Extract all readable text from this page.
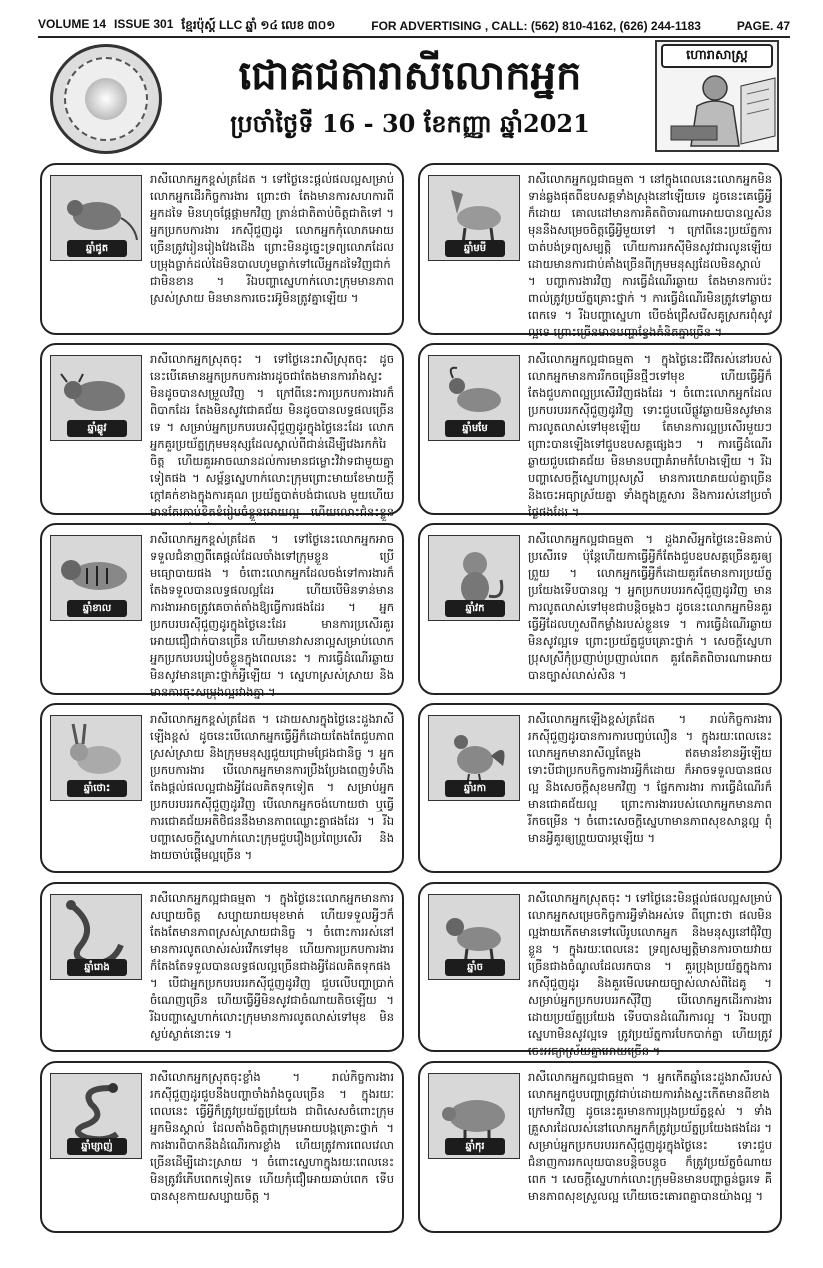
VOLUME 14 ISSUE 301 ខ្មែរប៉ុស្ត៍ LLC ឆ្នាំ ១៤ លេខ ៣០១	FOR ADVERTISING , CALL: (562) 810-4162, (626) 244-1183	PAGE. 47
ជោគជតារាសីលោកអ្នក
ប្រចាំថ្ងៃទី 16 - 30 ខែកញ្ញា ឆ្នាំ2021
ហោរាសាស្ត្រ
ឆ្នាំជូត
រាសីលោកអ្នកខ្ពស់ត្រដែត ។ ទៅថ្ងៃនេះផ្ដល់ផលល្អសម្រាប់លោកអ្នកដើរកិច្ចការងារ ព្រោះថា តែងមានការសហការពីអ្នកដទៃ មិនហុចផ្ដែផ្ដាមកវិញ ត្រាន់ជាតិតាប់ចិត្តជាតិទៅ ។ អ្នកប្រកបការងារ រកស៊ីជួញដូរ លោកអ្នកកុំលោភអោយច្រើនត្រូវរៀនរៀងវែងដើង ព្រោះមិនដូច្នេះទ្រព្យលោភដែលបម្រុងធ្លាក់ដល់ដៃមិនបាលហូមធ្លាក់ទៅលើអ្នកដទៃវិញជាក់ជាមិនខាន ។ រីឯបញ្ហាស្នេហាក់លោះក្រុមមានភាពស្រស់ស្រាយ មិនមានការចេះរអ៊ូមិនត្រូវគ្នាឡើយ ។
ឆ្នាំឆ្លូវ
រាសីលោកអ្នកស្រុតចុះ ។ ទៅថ្ងៃនេះរាសីស្រុតចុះ ដូចនេះបើគេមានអ្នកប្រកបការងារដូចជាតែងមានការរាំងស្ទះ មិនដូចបានសម្រួលវិញ ។ ក្រៅពីនេះការប្រកបការងារក៏ពិបាកដែរ តែងមិនសូវជោគជ័យ មិនដូចបានលទ្ធផលច្រើនទេ ។ សម្រាប់អ្នកប្រកបរបរស៊ីជួញដូរក្នុងថ្ងៃនេះដែរ លោកអ្នកគួរប្រយ័ត្នក្រុមមនុស្សដែលស្គាល់ពីជាន់ដើម្បីវេងរកកំរៃចិត្ត ហើយគួរអាចឈានដល់ការមានជម្លោះវិវាទជាមួយគ្នាទៀតផង ។ សម្ព័ន្ធស្នេហាក់លោះក្រុមព្រោះមាយខែមាយក្ដីក្ដៅគក់ខាងក្នុងការគុណ ប្រយ័ត្នបាត់បង់ជាលេង មួយហើយមានតែរកាប់ខិតខំរៀបចំខ្លួនអោយល្អ ហើយលោះជំនះខ្លួន
ឆ្នាំខាល
រាសីលោកអ្នកខ្ពស់ត្រដែត ។ ទៅថ្ងៃនេះលោកអ្នកអាចទទួលជំនាញពីគេផ្ដល់ដែលចាំងទៅក្រុមខ្លួន ប្រើមធ្យោបាយផង ។ ចំពោះលោកអ្នកដែលចង់ទៅការងារក៏តែងទទួលបានលទ្ធផលល្អដែរ ហើយបើមិនទាន់មានការងារអាចត្រូវគេចាត់តាំងឱ្យធ្វើការផងដែរ ។ អ្នកប្រកបរបរស៊ីជួញដូរក្នុងថ្ងៃនេះដែរ មានការប្រសើរគួរអោយជឿជាក់បានច្រើន ហើយមានវាសនាល្អសម្រាប់លោកអ្នកប្រកបរបររៀបចំខ្លួនក្នុងពេលនេះ ។ ការធ្វើដំណើរឆ្ងាយមិនសូវមានគ្រោះថ្នាក់អ្វីឡើយ ។ ស្នេហាស្រស់ស្រាយ និងមានការចុះសម្រុងល្អរវាងគ្នា ។
ឆ្នាំថោះ
រាសីលោកអ្នកខ្ពស់ត្រដែត ។ ដោយសារក្នុងថ្ងៃនេះដួងរាសីឡើងខ្ពស់ ដូចនេះបើលោកអ្នកធ្វើអ្វីក៏ដោយតែងតែជួបភាពស្រស់ស្រាយ និងក្រុមមនុស្សជួយជ្រោមជ្រែងជានិច្ច ។ អ្នកប្រកបការងារ បើលោកអ្នកមានការប្រឹងប្រែងពេញទំហឹងតែងផ្ដល់ផលល្អជាងអ្វីដែលគិតទុកទៀត ។ សម្រាប់អ្នកប្រកបរបររកស៊ីជួញដូរវិញ បើលោកអ្នកចង់ហោយថា ឬធ្វើការជោគជ័យអតិថិជននឹងមានភាពឈ្លោះគ្នាផងដែរ ។ រីឯបញ្ហាសេចក្ដីស្នេហាក់លោះក្រុមជួបរឿងប្រពៃប្រសើរ និងងាយចាប់ផ្ដើមល្អច្រើន ។
ឆ្នាំរោង
រាសីលោកអ្នកល្អជាធម្មតា ។ ក្នុងថ្ងៃនេះលោកអ្នកមានការសប្បាយចិត្ត សប្បាយរាយមុខមាត់ ហើយទទួលអ្វីៗក៏តែងតែមានភាពស្រស់ស្រាយជានិច្ច ។ ចំពោះការរស់នៅមានការលូតលាស់រស់រវើកទៅមុខ ហើយការប្រកបការងារក៏តែងតែទទួលបានលទ្ធផលល្អច្រើនជាងអ្វីដែលគិតទុកផង ។ បើជាអ្នកប្រកបរបររកស៊ីជួញដូរវិញ ជួបលើបញ្ហាប្រាក់ចំណេញច្រើន ហើយធ្វើអ្វីមិនសូវជាចំណាយតិចឡើយ ។ រីឯបញ្ហាស្នេហាក់លោះក្រុមមានការលូតលាស់ទៅមុខ មិនស្ងប់ស្ងាត់នោះទេ ។
ឆ្នាំម្សាញ់
រាសីលោកអ្នកស្រុតចុះខ្លាំង ។ រាល់កិច្ចការងាររកស៊ីជួញដូរជួបនឹងបញ្ហាចាំងរាំងចូលច្រើន ។ ក្នុងរយៈពេលនេះ ធ្វើអ្វីក៏ត្រូវប្រយ័ត្នប្រយែង ជាពិសេសចំពោះក្រុមអ្នកមិនស្គាល់ ដែលតាំងចិត្តជាក្រុមអោយបង្កគ្រោះថ្នាក់ ។ ការងារពិបាកនឹងដំណើរការខ្លាំង ហើយត្រូវការពេលវេលាច្រើនដើម្បីដោះស្រាយ ។ ចំពោះស្នេហាក្នុងរយៈពេលនេះមិនត្រូវរំភើបពេកទៀតទេ ហើយកុំជឿអោយឆាប់ពេក ទើបបានសុខកាយសប្បាយចិត្ត ។
ឆ្នាំមមី
រាសីលោកអ្នកល្អជាធម្មតា ។ នៅក្នុងពេលនេះលោកអ្នកមិនទាន់ឆ្លងផុតពីឧបសគ្គទាំងស្រុងនៅឡើយទេ ដូចនេះគេធ្វើអ្វីក៏ដោយ គោលដៅមានការគិតពិចារណាអោយបានល្អសិនមុននឹងសម្រេចចិត្តធ្វើអ្វីមួយទៅ ។ ក្រៅពីនេះប្រយ័ត្នការបាត់បង់ទ្រព្យសម្បត្តិ ហើយការរកស៊ីមិនសូវជារលូនឡើយ ដោយមានការជាប់គាំងច្រើនពីក្រុមមនុស្សដែលមិនស្គាល់ ។ បញ្ហាការងារវិញ ការធ្វើដំណើរឆ្ងាយ តែងមានការប៉ះពាល់ត្រូវប្រយ័ត្នគ្រោះថ្នាក់ ។ ការធ្វើដំណើរមិនត្រូវទៅឆ្ងាយពេកទេ ។ រីឯបញ្ហាស្នេហា បើចង់ជ្រើសរើសគូស្រករពុំសូវល្អទេ ព្រោះច្រើនមានបញ្ហាខ្វែងគំនិតគ្នាច្រើន ។
ឆ្នាំមមែ
រាសីលោកអ្នកល្អជាធម្មតា ។ ក្នុងថ្ងៃនេះជីវិតរស់នៅរបស់លោកអ្នកមានការរីកចម្រើនថ្មីៗទៅមុខ ហើយធ្វើអ្វីក៏តែងជួបភាពល្អប្រសើរវិញផងដែរ ។ ចំពោះលោកអ្នកដែលប្រកបរបររកស៊ីជួញដូរវិញ ទោះជួបលើផ្លូវឆ្ងាយមិនសូវមានការលូតលាស់ទៅមុខឡើយ តែមានការល្អប្រសើរមួយៗ ព្រោះបានឡើងទៅជួបឧបសគ្គផ្សេងៗ ។ ការធ្វើដំណើរឆ្ងាយជួបជោគជ័យ មិនមានបញ្ហាគំរាមកំហែងឡើយ ។ រីឯបញ្ហាសេចក្ដីស្នេហាប្រុសស្រី មានការយោគយល់គ្នាច្រើន និងចេះអធ្យាស្រ័យគ្នា ទាំងក្នុងគ្រួសារ និងការរស់នៅប្រចាំថ្ងៃផងដែរ ។
ឆ្នាំវក
រាសីលោកអ្នកល្អជាធម្មតា ។ ដួងរាសីអ្នកថ្ងៃនេះមិនគាប់ប្រសើរទេ ប៉ុន្តែហើយកាធ្វើអ្វីក៏តែងជួបឧបសគ្គច្រើនគួរឲ្យព្រួយ ។ លោកអ្នកធ្វើអ្វីក៏ដោយគួរតែមានការប្រយ័ត្នប្រយែងទើបបានល្អ ។ អ្នកប្រកបរបររកស៊ីជួញដូរវិញ មានការលូតលាស់ទៅមុខជាបន្តិចម្ដងៗ ដូចនេះលោកអ្នកមិនគួរធ្វើអ្វីដែលហួសពីកម្លាំងរបស់ខ្លួនទេ ។ ការធ្វើដំណើរឆ្ងាយមិនសូវល្អទេ ព្រោះប្រយ័ត្នជួបគ្រោះថ្នាក់ ។ សេចក្ដីស្នេហាប្រុសស្រីកុំប្រញាប់ប្រញាល់ពេក គួរតែគិតពិចារណាអោយបានច្បាស់លាស់សិន ។
ឆ្នាំរកា
រាសីលោកអ្នកឡើងខ្ពស់ត្រដែត ។ រាល់កិច្ចការងាររកស៊ីជួញដូរបានការការបញ្ចប់លឿន ។ ក្នុងរយៈពេលនេះ លោកអ្នកមានរាសីល្អតែម្ដង ឥតមានរំខានអ្វីឡើយ ទោះបីជាប្រកបកិច្ចការងារអ្វីក៏ដោយ ក៏អាចទទួលបានផលល្អ និងសេចក្ដីសុខមកវិញ ។ ផ្នែកការងារ ការធ្វើដំណើរក៏មានជោគជ័យល្អ ព្រោះការងាររបស់លោកអ្នកមានភាពរីកចម្រើន ។ ចំពោះសេចក្ដីស្នេហាមានភាពសុខសាន្តល្អ ពុំមានអ្វីគួរឲ្យព្រួយបារម្ភឡើយ ។
ឆ្នាំច
រាសីលោកអ្នកស្រុតចុះ ។ ទៅថ្ងៃនេះមិនផ្ដល់ផលល្អសម្រាប់លោកអ្នកសម្រេចកិច្ចការអ្វីទាំងអស់ទេ ពីព្រោះថា ផលមិនល្អងាយកើតមានទៅលើរូបលោកអ្នក និងមនុស្សនៅជុំវិញខ្លួន ។ ក្នុងរយៈពេលនេះ ទ្រព្យសម្បត្តិមានការចាយវាយច្រើនជាងចំណូលដែលរកបាន ។ គួរប្រុងប្រយ័ត្នក្នុងការរកស៊ីជួញដូរ និងគួរមើលអោយច្បាស់លាស់ពីដៃគូ ។ សម្រាប់អ្នកប្រកបរបររកស៊ីវិញ បើលោកអ្នកដើរការងារដោយប្រយ័ត្នប្រយែង ទើបបានដំណើរការល្អ ។ រីឯបញ្ហាស្នេហាមិនសូវល្អទេ ត្រូវប្រយ័ត្នការបែកបាក់គ្នា ហើយត្រូវចេះអធ្យាស្រ័យគ្នាអោយច្រើន ។
ឆ្នាំកុរ
រាសីលោកអ្នកល្អជាធម្មតា ។ អ្នកកើតឆ្នាំនេះដួងរាសីរបស់លោកអ្នកជួបបញ្ហាត្រូវជាប់ដោយការរាំងស្ទះកើតមានពីខាងក្រៅមកវិញ ដូចនេះគួរមានការប្រុងប្រយ័ត្នខ្ពស់ ។ ទាំងគ្រួសារដែលរស់នៅលោកអ្នកក៏ត្រូវប្រយ័ត្នប្រយែងផងដែរ ។ សម្រាប់អ្នកប្រកបរបររកស៊ីជួញដូរក្នុងថ្ងៃនេះ ទោះជួបជំនាញការរកលុយបានបន្តិចបន្តួច ក៏ត្រូវប្រយ័ត្នចំណាយពេក ។ សេចក្ដីស្នេហាក់លោះក្រុមមិនមានបញ្ហាធ្ងន់ធ្ងរទេ គឺមានភាពសុខស្រួលល្អ ហើយចេះគោរពគ្នាបានយ៉ាងល្អ ។
